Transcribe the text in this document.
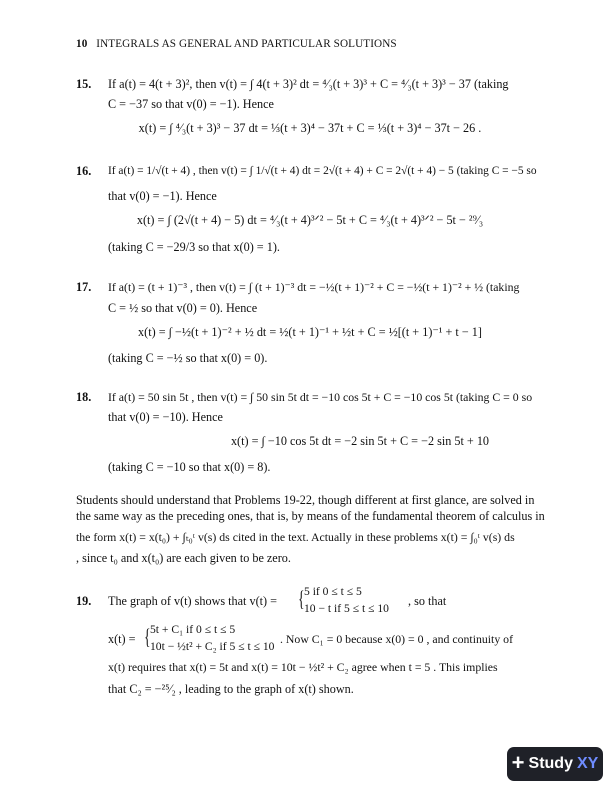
10 INTEGRALS AS GENERAL AND PARTICULAR SOLUTIONS
15. If a(t) = 4(t + 3)², then v(t) = ∫ 4(t + 3)² dt = ⁴⁄₃(t + 3)³ + C = ⁴⁄₃(t + 3)³ − 37 (taking
C = −37 so that v(0) = −1). Hence
x(t) = ∫ ⁴⁄₃(t + 3)³ − 37 dt = ⅓(t + 3)⁴ − 37t + C = ⅓(t + 3)⁴ − 37t − 26 .
16. If a(t) = 1/√(t + 4) , then v(t) = ∫ 1/√(t + 4) dt = 2√(t + 4) + C = 2√(t + 4) − 5 (taking C = −5 so
that v(0) = −1). Hence
x(t) = ∫ (2√(t + 4) − 5) dt = ⁴⁄₃(t + 4)³ᐟ² − 5t + C = ⁴⁄₃(t + 4)³ᐟ² − 5t − ²⁹⁄₃
(taking C = −29/3 so that x(0) = 1).
17. If a(t) = (t + 1)⁻³ , then v(t) = ∫ (t + 1)⁻³ dt = −½(t + 1)⁻² + C = −½(t + 1)⁻² + ½ (taking
C = ½ so that v(0) = 0). Hence
x(t) = ∫ −½(t + 1)⁻² + ½ dt = ½(t + 1)⁻¹ + ½t + C = ½[(t + 1)⁻¹ + t − 1]
(taking C = −½ so that x(0) = 0).
18. If a(t) = 50 sin 5t , then v(t) = ∫ 50 sin 5t dt = −10 cos 5t + C = −10 cos 5t (taking C = 0 so
that v(0) = −10). Hence
x(t) = ∫ −10 cos 5t dt = −2 sin 5t + C = −2 sin 5t + 10
(taking C = −10 so that x(0) = 8).
Students should understand that Problems 19-22, though different at first glance, are solved in
the same way as the preceding ones, that is, by means of the fundamental theorem of calculus in
the form x(t) = x(t₀) + ∫ₜ₀ᵗ v(s) ds cited in the text. Actually in these problems x(t) = ∫₀ᵗ v(s) ds
, since t₀ and x(t₀) are each given to be zero.
19. The graph of v(t) shows that v(t) = { 5 if 0 ≤ t ≤ 5
10 − t if 5 ≤ t ≤ 10
, so that
x(t) = { 5t + C₁ if 0 ≤ t ≤ 5
10t − ½t² + C₂ if 5 ≤ t ≤ 10
. Now C₁ = 0 because x(0) = 0 , and continuity of
x(t) requires that x(t) = 5t and x(t) = 10t − ½t² + C₂ agree when t = 5 . This implies
that C₂ = −²⁵⁄₂ , leading to the graph of x(t) shown.
+ Study XY
